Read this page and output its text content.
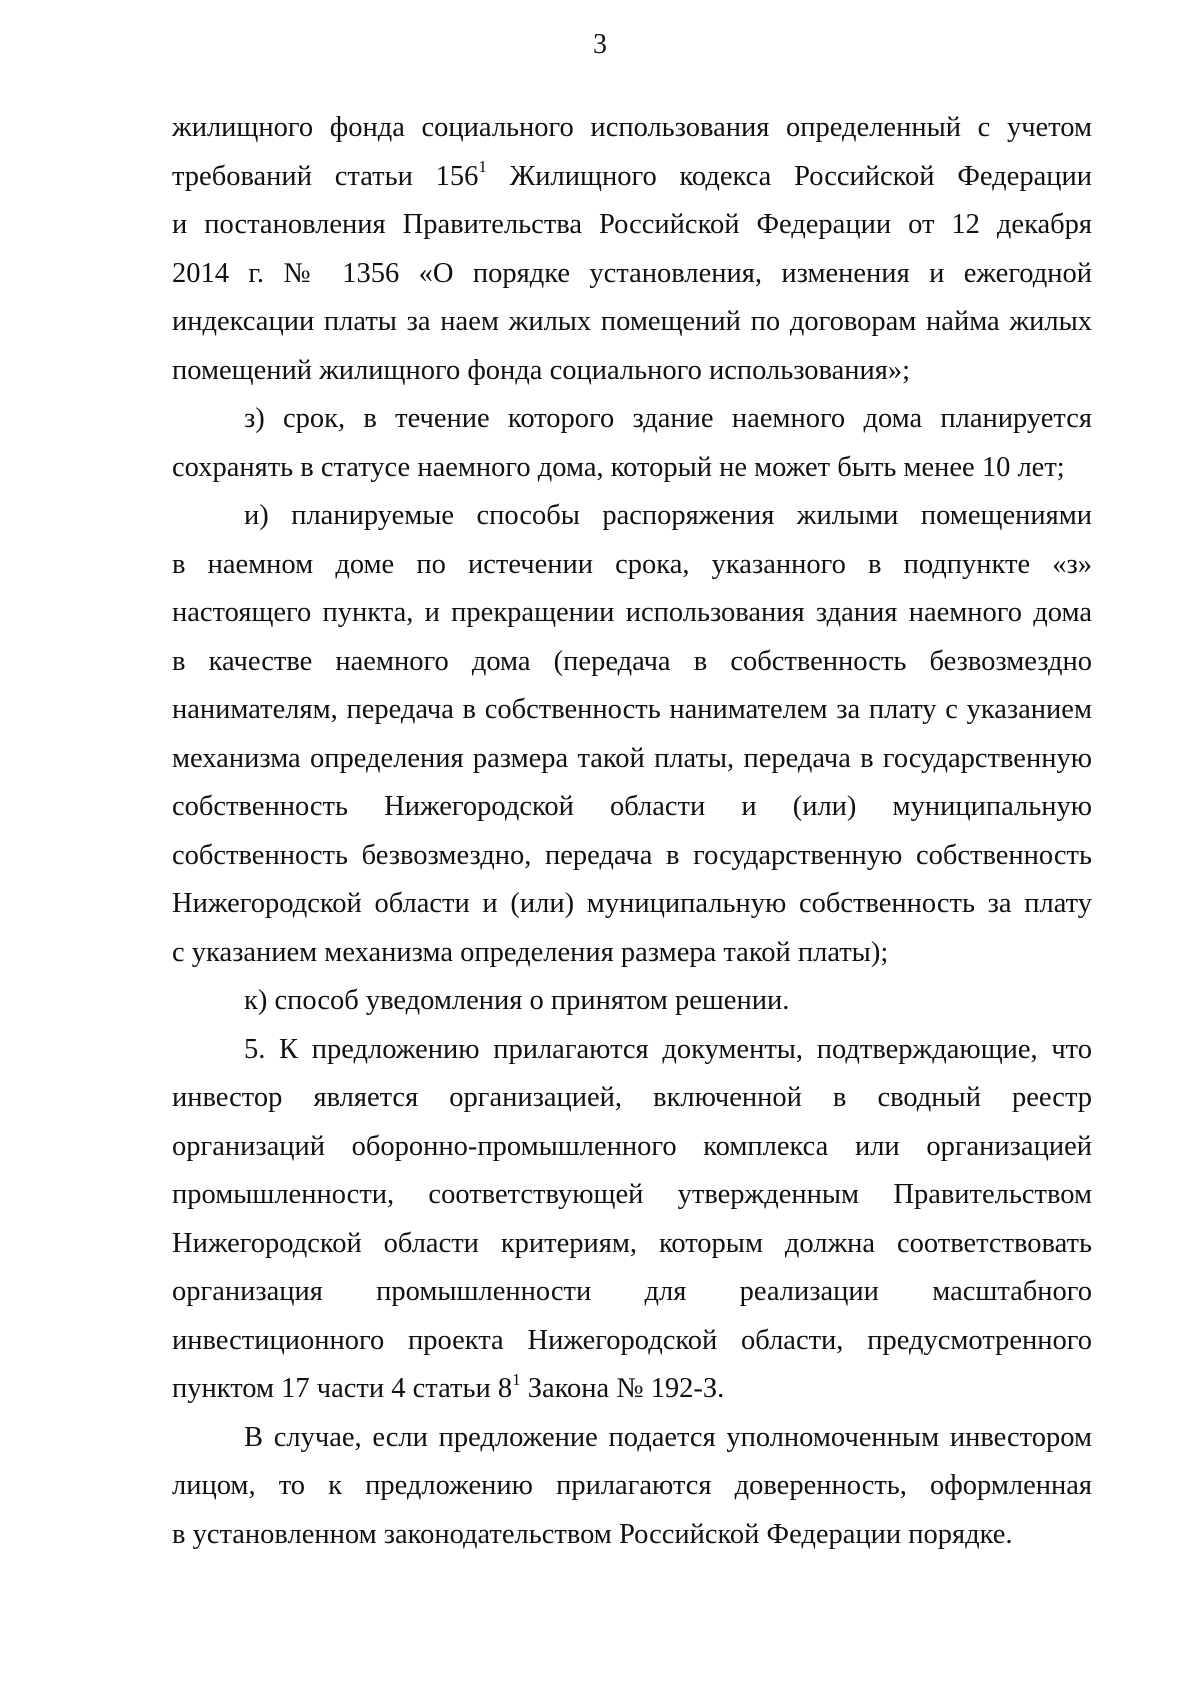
3
жилищного фонда социального использования определенный с учетом
требований статьи $156^1$ Жилищного кодекса Российской Федерации
и постановления Правительства Российской Федерации от 12 декабря
2014 г. № 1356 «О порядке установления, изменения и ежегодной
индексации платы за наем жилых помещений по договорам найма жилых
помещений жилищного фонда социального использования»;
з) срок, в течение которого здание наемного дома планируется
сохранять в статусе наемного дома, который не может быть менее 10 лет;
и) планируемые способы распоряжения жилыми помещениями
в наемном доме по истечении срока, указанного в подпункте «з»
настоящего пункта, и прекращении использования здания наемного дома
в качестве наемного дома (передача в собственность безвозмездно
нанимателям, передача в собственность нанимателем за плату с указанием
механизма определения размера такой платы, передача в государственную
собственность Нижегородской области и (или) муниципальную
собственность безвозмездно, передача в государственную собственность
Нижегородской области и (или) муниципальную собственность за плату
с указанием механизма определения размера такой платы);
к) способ уведомления о принятом решении.
5. К предложению прилагаются документы, подтверждающие, что
инвестор является организацией, включенной в сводный реестр
организаций оборонно-промышленного комплекса или организацией
промышленности, соответствующей утвержденным Правительством
Нижегородской области критериям, которым должна соответствовать
организация промышленности для реализации масштабного
инвестиционного проекта Нижегородской области, предусмотренного
пунктом 17 части 4 статьи $8^1$ Закона № 192-З.
В случае, если предложение подается уполномоченным инвестором
лицом, то к предложению прилагаются доверенность, оформленная
в установленном законодательством Российской Федерации порядке.
